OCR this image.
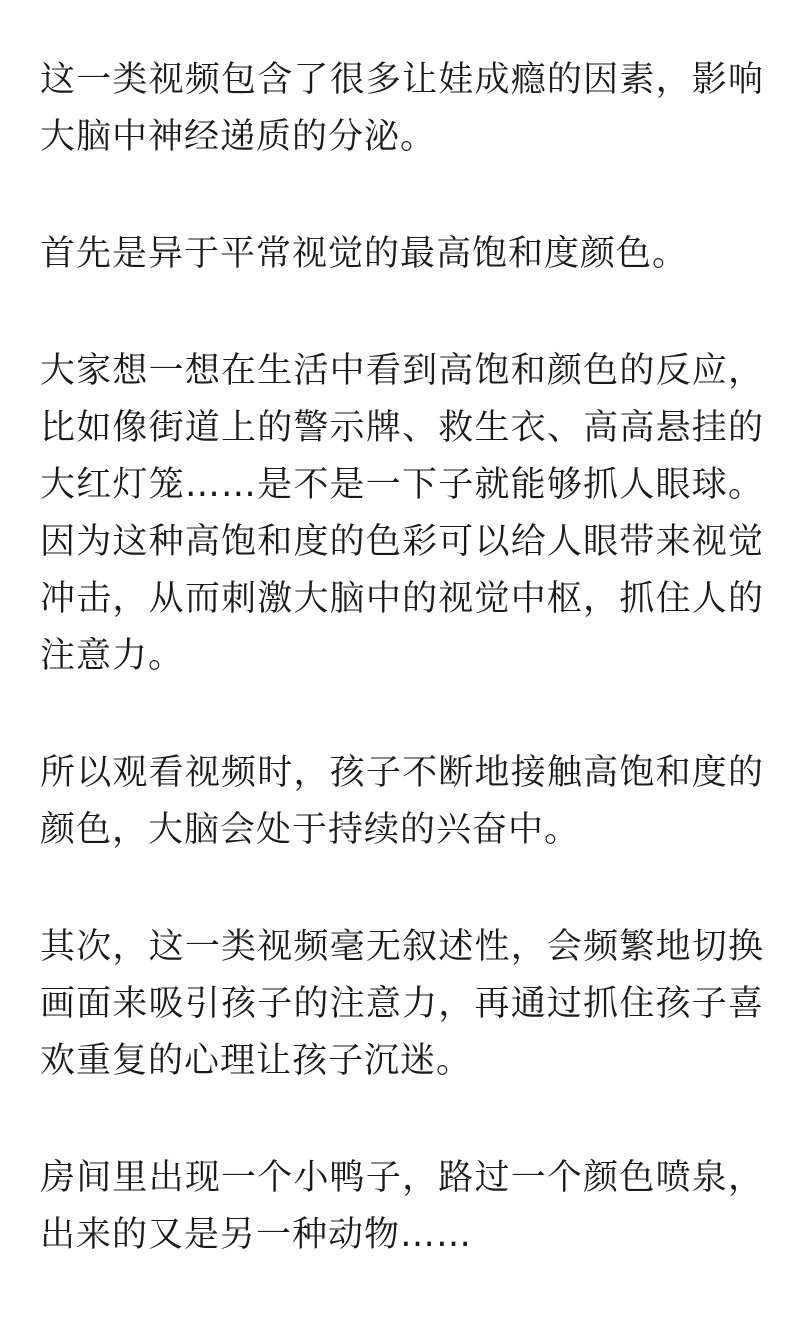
这一类视频包含了很多让娃成瘾的因素，影响大脑中神经递质的分泌。

首先是异于平常视觉的最高饱和度颜色。

大家想一想在生活中看到高饱和颜色的反应，比如像街道上的警示牌、救生衣、高高悬挂的大红灯笼……是不是一下子就能够抓人眼球。因为这种高饱和度的色彩可以给人眼带来视觉冲击，从而刺激大脑中的视觉中枢，抓住人的注意力。

所以观看视频时，孩子不断地接触高饱和度的颜色，大脑会处于持续的兴奋中。

其次，这一类视频毫无叙述性，会频繁地切换画面来吸引孩子的注意力，再通过抓住孩子喜欢重复的心理让孩子沉迷。

房间里出现一个小鸭子，路过一个颜色喷泉，出来的又是另一种动物……
